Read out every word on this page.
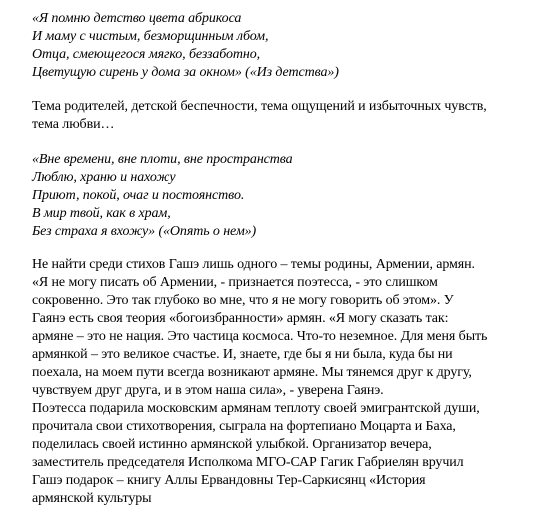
«Я помню детство цвета абрикоса
И маму с чистым, безморщинным лбом,
Отца, смеющегося мягко, беззаботно,
Цветущую сирень у дома за окном» («Из детства»)
Тема родителей, детской беспечности, тема ощущений и избыточных чувств,
тема любви…
«Вне времени, вне плоти, вне пространства
Люблю, храню и нахожу
Приют, покой, очаг и постоянство.
В мир твой, как в храм,
Без страха я вхожу» («Опять о нем»)
Не найти среди стихов Гашэ лишь одного – темы родины, Армении, армян.
«Я не могу писать об Армении, - признается поэтесса, - это слишком
сокровенно. Это так глубоко во мне, что я не могу говорить об этом». У
Гаянэ есть своя теория «богоизбранности» армян. «Я могу сказать так:
армяне – это не нация. Это частица космоса. Что-то неземное. Для меня быть
армянкой – это великое счастье. И, знаете, где бы я ни была, куда бы ни
поехала, на моем пути всегда возникают армяне. Мы тянемся друг к другу,
чувствуем друг друга, и в этом наша сила», - уверена Гаянэ.
Поэтесса подарила московским армянам теплоту своей эмигрантской души,
прочитала свои стихотворения, сыграла на фортепиано Моцарта и Баха,
поделилась своей истинно армянской улыбкой. Организатор вечера,
заместитель председателя Исполкома МГО-САР Гагик Габриелян вручил
Гашэ подарок – книгу Аллы Ервандовны Тер-Саркисянц «История
армянской культуры
